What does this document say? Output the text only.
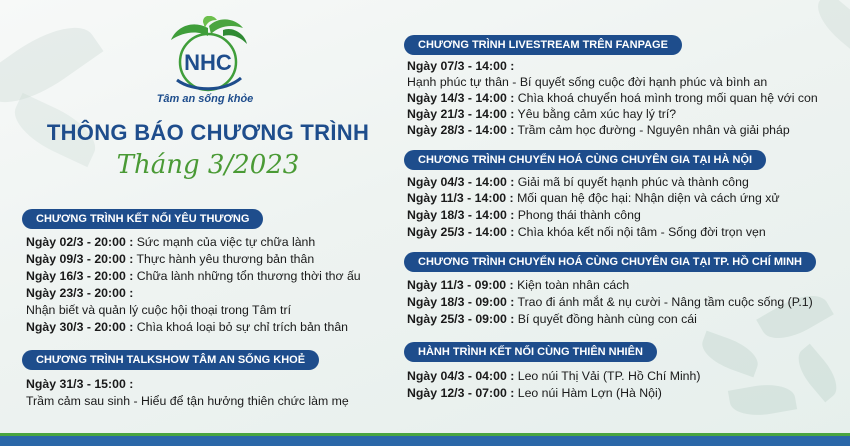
NHC
Tâm an sống khỏe
THÔNG BÁO CHƯƠNG TRÌNH
Tháng 3/2023
CHƯƠNG TRÌNH KẾT NỐI YÊU THƯƠNG
Ngày 02/3 - 20:00 : Sức mạnh của việc tự chữa lành
Ngày 09/3 - 20:00 : Thực hành yêu thương bản thân
Ngày 16/3 - 20:00 : Chữa lành những tổn thương thời thơ ấu
Ngày 23/3 - 20:00 :
Nhận biết và quản lý cuộc hội thoại trong Tâm trí
Ngày 30/3 - 20:00 : Chìa khoá loại bỏ sự chỉ trích bản thân
CHƯƠNG TRÌNH TALKSHOW TÂM AN SỐNG KHOẺ
Ngày 31/3 - 15:00 :
Trầm cảm sau sinh - Hiểu để tận hưởng thiên chức làm mẹ
CHƯƠNG TRÌNH LIVESTREAM TRÊN FANPAGE
Ngày 07/3 - 14:00 :
Hạnh phúc tự thân - Bí quyết sống cuộc đời hạnh phúc và bình an
Ngày 14/3 - 14:00 : Chìa khoá chuyển hoá mình trong mối quan hệ với con
Ngày 21/3 - 14:00 : Yêu bằng cảm xúc hay lý trí?
Ngày 28/3 - 14:00 : Trầm cảm học đường - Nguyên nhân và giải pháp
CHƯƠNG TRÌNH CHUYỂN HOÁ CÙNG CHUYÊN GIA TẠI HÀ NỘI
Ngày 04/3 - 14:00 : Giải mã bí quyết hạnh phúc và thành công
Ngày 11/3 - 14:00 : Mối quan hệ độc hại: Nhận diện và cách ứng xử
Ngày 18/3 - 14:00 : Phong thái thành công
Ngày 25/3 - 14:00 : Chìa khóa kết nối nội tâm - Sống đời trọn vẹn
CHƯƠNG TRÌNH CHUYỂN HOÁ CÙNG CHUYÊN GIA TẠI TP. HỒ CHÍ MINH
Ngày 11/3 - 09:00 : Kiện toàn nhân cách
Ngày 18/3 - 09:00 : Trao đi ánh mắt & nụ cười - Nâng tầm cuộc sống (P.1)
Ngày 25/3 - 09:00 : Bí quyết đồng hành cùng con cái
HÀNH TRÌNH KẾT NỐI CÙNG THIÊN NHIÊN
Ngày 04/3 - 04:00 : Leo núi Thị Vải (TP. Hồ Chí Minh)
Ngày 12/3 - 07:00 : Leo núi Hàm Lợn (Hà Nội)
